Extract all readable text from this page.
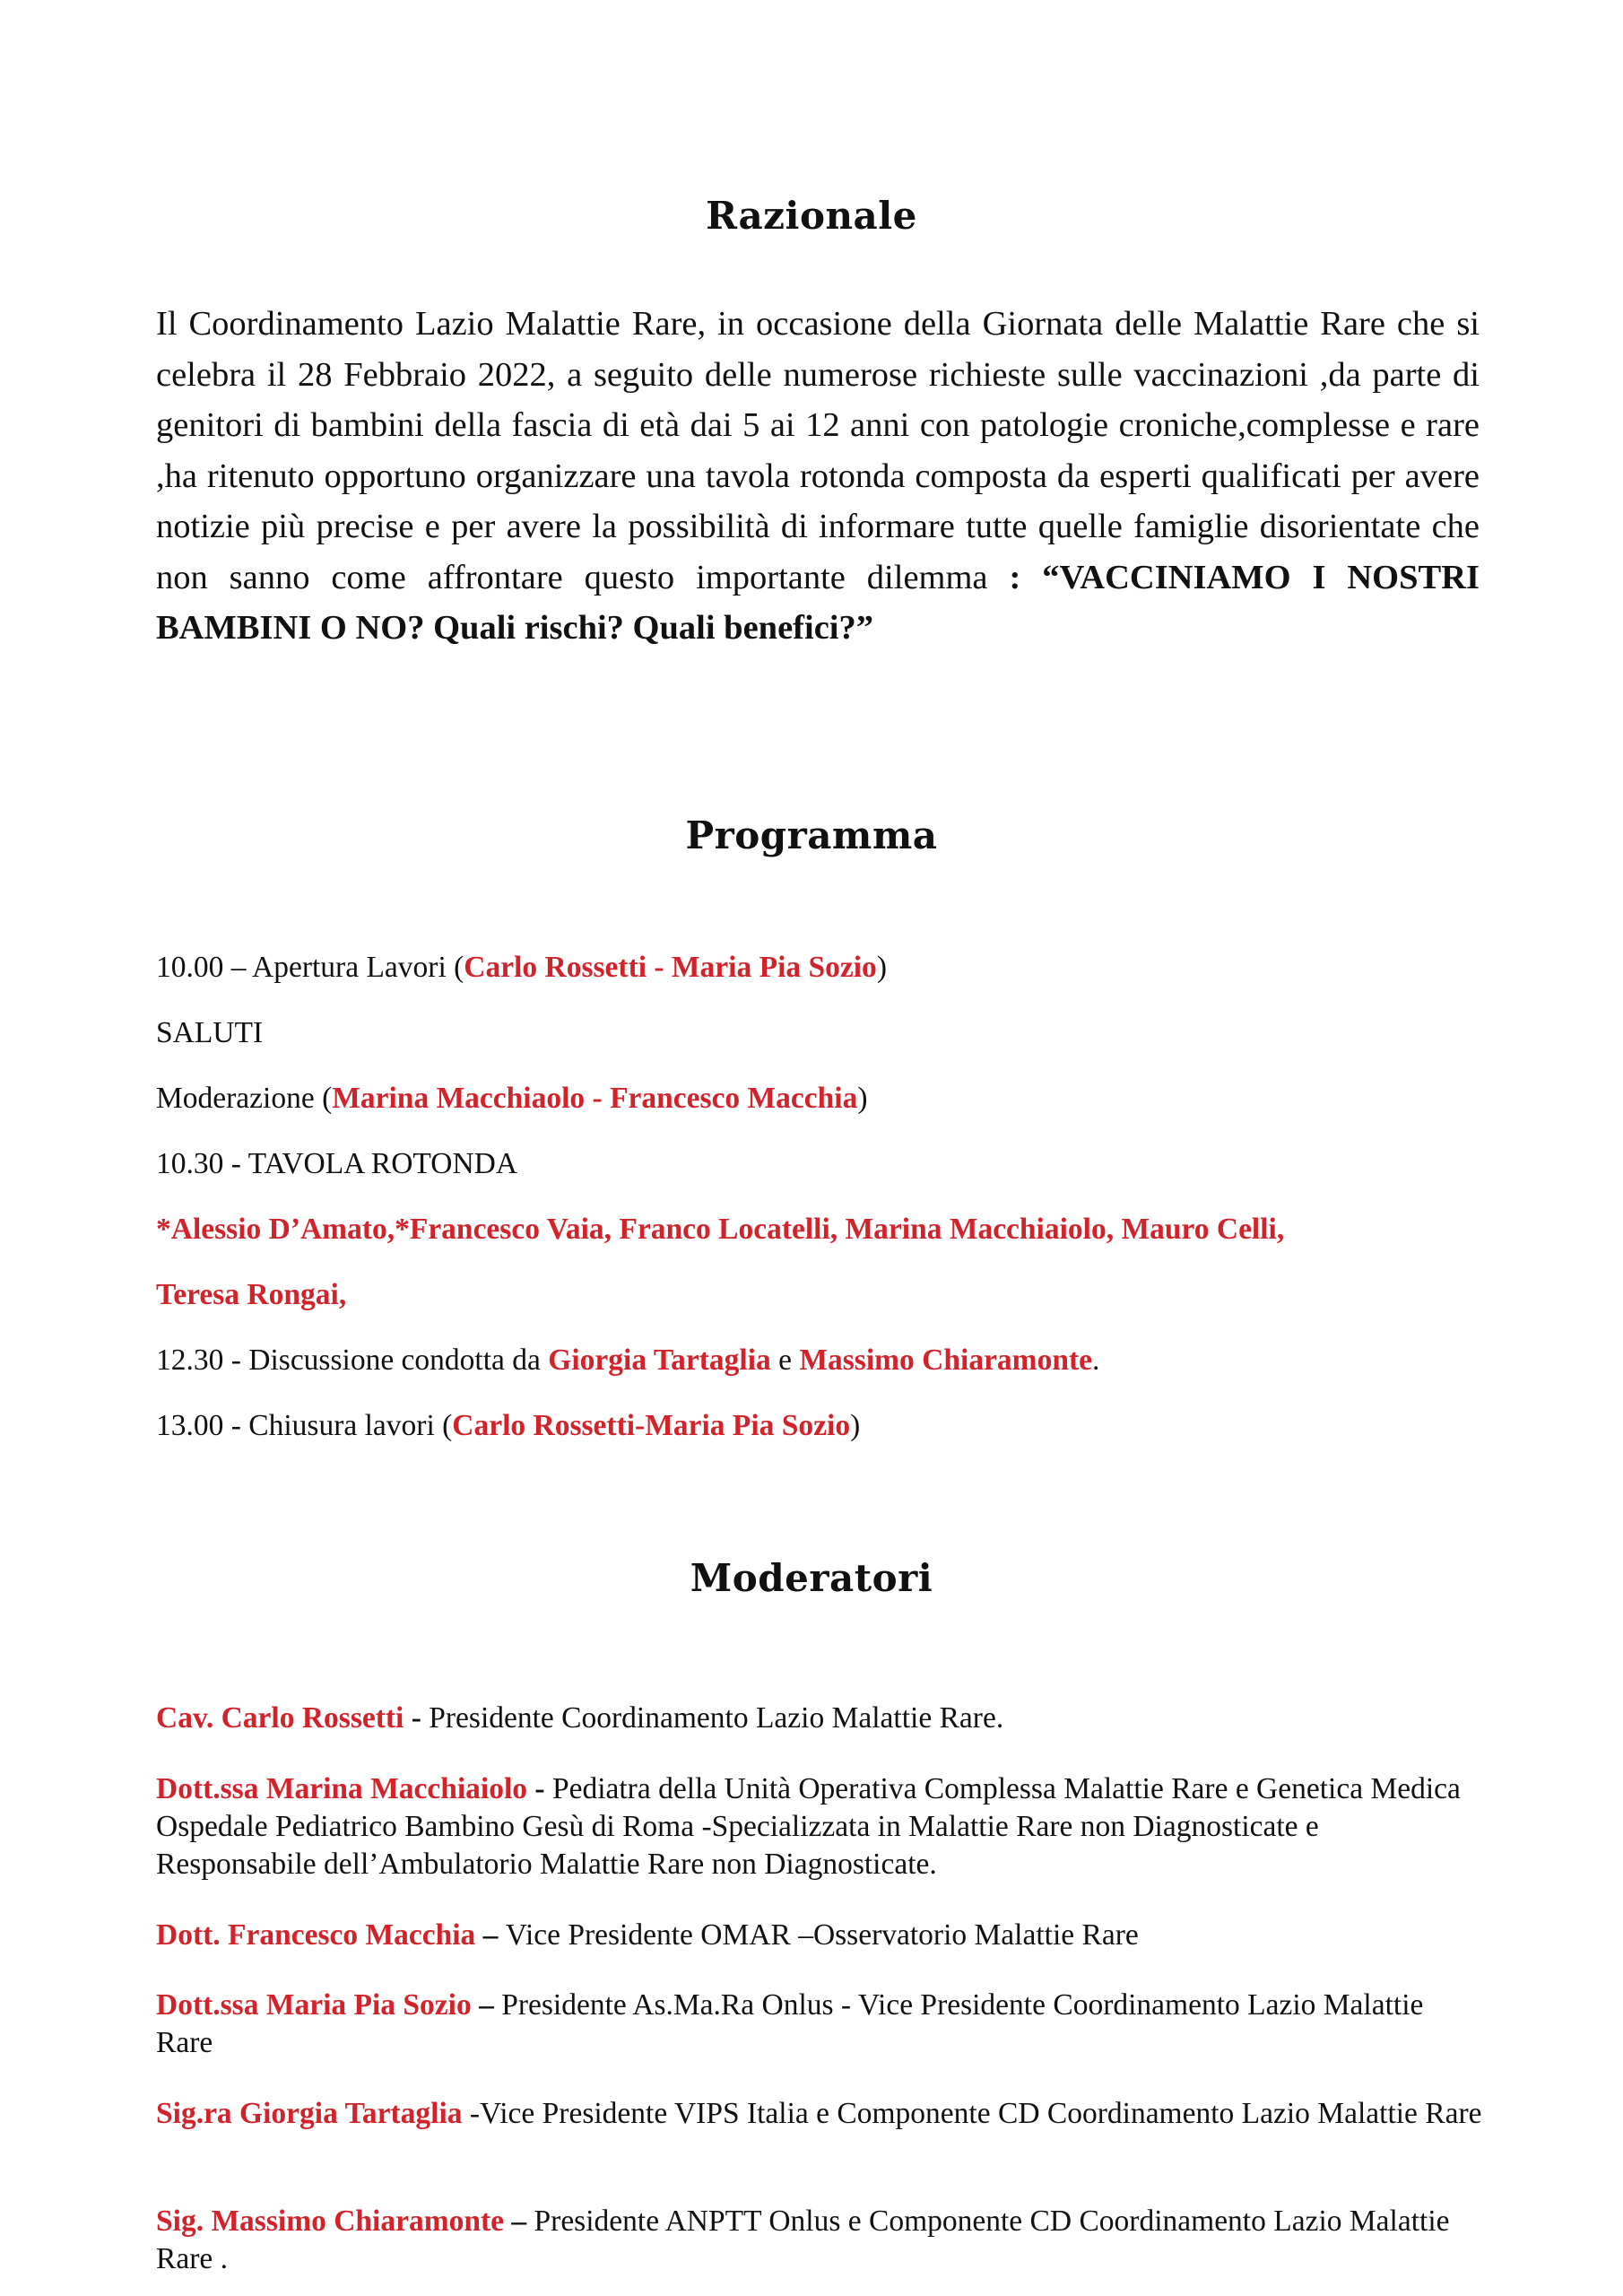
Razionale

Il Coordinamento Lazio Malattie Rare, in occasione della Giornata delle Malattie Rare che si celebra il 28 Febbraio 2022, a seguito delle numerose richieste sulle vaccinazioni ,da parte di genitori di bambini della fascia di età dai 5 ai 12 anni con patologie croniche,complesse e rare ,ha ritenuto opportuno organizzare una tavola rotonda composta da esperti qualificati per avere notizie più precise e per avere la possibilità di informare tutte quelle famiglie disorientate che non sanno come affrontare questo importante dilemma : “VACCINIAMO I NOSTRI BAMBINI O NO? Quali rischi? Quali benefici?”

Programma

10.00 – Apertura Lavori (Carlo Rossetti - Maria Pia Sozio)

SALUTI

Moderazione (Marina Macchiaolo - Francesco Macchia)

10.30 - TAVOLA ROTONDA

*Alessio D’Amato,*Francesco Vaia, Franco Locatelli, Marina Macchiaiolo, Mauro Celli,

Teresa Rongai,

12.30 - Discussione condotta da Giorgia Tartaglia e Massimo Chiaramonte.

13.00 - Chiusura lavori (Carlo Rossetti-Maria Pia Sozio)

Moderatori

Cav. Carlo Rossetti - Presidente Coordinamento Lazio Malattie Rare.

Dott.ssa Marina Macchiaiolo - Pediatra della Unità Operativa Complessa Malattie Rare e Genetica Medica Ospedale Pediatrico Bambino Gesù di Roma -Specializzata in Malattie Rare non Diagnosticate e Responsabile dell’Ambulatorio Malattie Rare non Diagnosticate.

Dott. Francesco Macchia – Vice Presidente OMAR –Osservatorio Malattie Rare

Dott.ssa Maria Pia Sozio – Presidente As.Ma.Ra Onlus - Vice Presidente Coordinamento Lazio Malattie Rare

Sig.ra Giorgia Tartaglia -Vice Presidente VIPS Italia e Componente CD Coordinamento Lazio Malattie Rare

Sig. Massimo Chiaramonte – Presidente ANPTT Onlus e Componente CD Coordinamento Lazio Malattie Rare .
